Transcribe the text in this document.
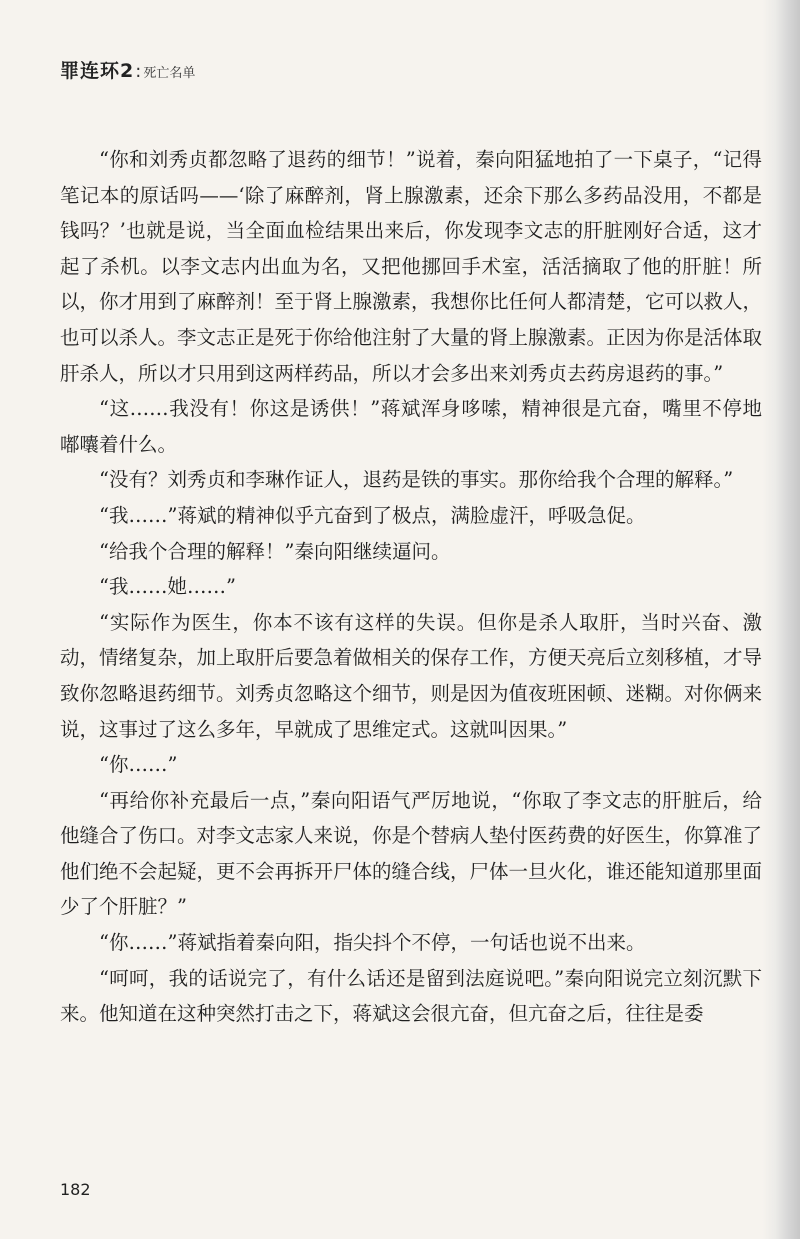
罪连环2 : 死亡名单

“你和刘秀贞都忽略了退药的细节！”说着，秦向阳猛地拍了一下桌子，“记得笔记本的原话吗——‘除了麻醉剂，肾上腺激素，还余下那么多药品没用，不都是钱吗？’也就是说，当全面血检结果出来后，你发现李文志的肝脏刚好合适，这才起了杀机。以李文志内出血为名，又把他挪回手术室，活活摘取了他的肝脏！所以，你才用到了麻醉剂！至于肾上腺激素，我想你比任何人都清楚，它可以救人，也可以杀人。李文志正是死于你给他注射了大量的肾上腺激素。正因为你是活体取肝杀人，所以才只用到这两样药品，所以才会多出来刘秀贞去药房退药的事。”

“这……我没有！你这是诱供！”蒋斌浑身哆嗦，精神很是亢奋，嘴里不停地嘟囔着什么。

“没有？刘秀贞和李琳作证人，退药是铁的事实。那你给我个合理的解释。”

“我……”蒋斌的精神似乎亢奋到了极点，满脸虚汗，呼吸急促。

“给我个合理的解释！”秦向阳继续逼问。

“我……她……”

“实际作为医生，你本不该有这样的失误。但你是杀人取肝，当时兴奋、激动，情绪复杂，加上取肝后要急着做相关的保存工作，方便天亮后立刻移植，才导致你忽略退药细节。刘秀贞忽略这个细节，则是因为值夜班困顿、迷糊。对你俩来说，这事过了这么多年，早就成了思维定式。这就叫因果。”

“你……”

“再给你补充最后一点，”秦向阳语气严厉地说，“你取了李文志的肝脏后，给他缝合了伤口。对李文志家人来说，你是个替病人垫付医药费的好医生，你算准了他们绝不会起疑，更不会再拆开尸体的缝合线，尸体一旦火化，谁还能知道那里面少了个肝脏？”

“你……”蒋斌指着秦向阳，指尖抖个不停，一句话也说不出来。

“呵呵，我的话说完了，有什么话还是留到法庭说吧。”秦向阳说完立刻沉默下来。他知道在这种突然打击之下，蒋斌这会很亢奋，但亢奋之后，往往是委

182
